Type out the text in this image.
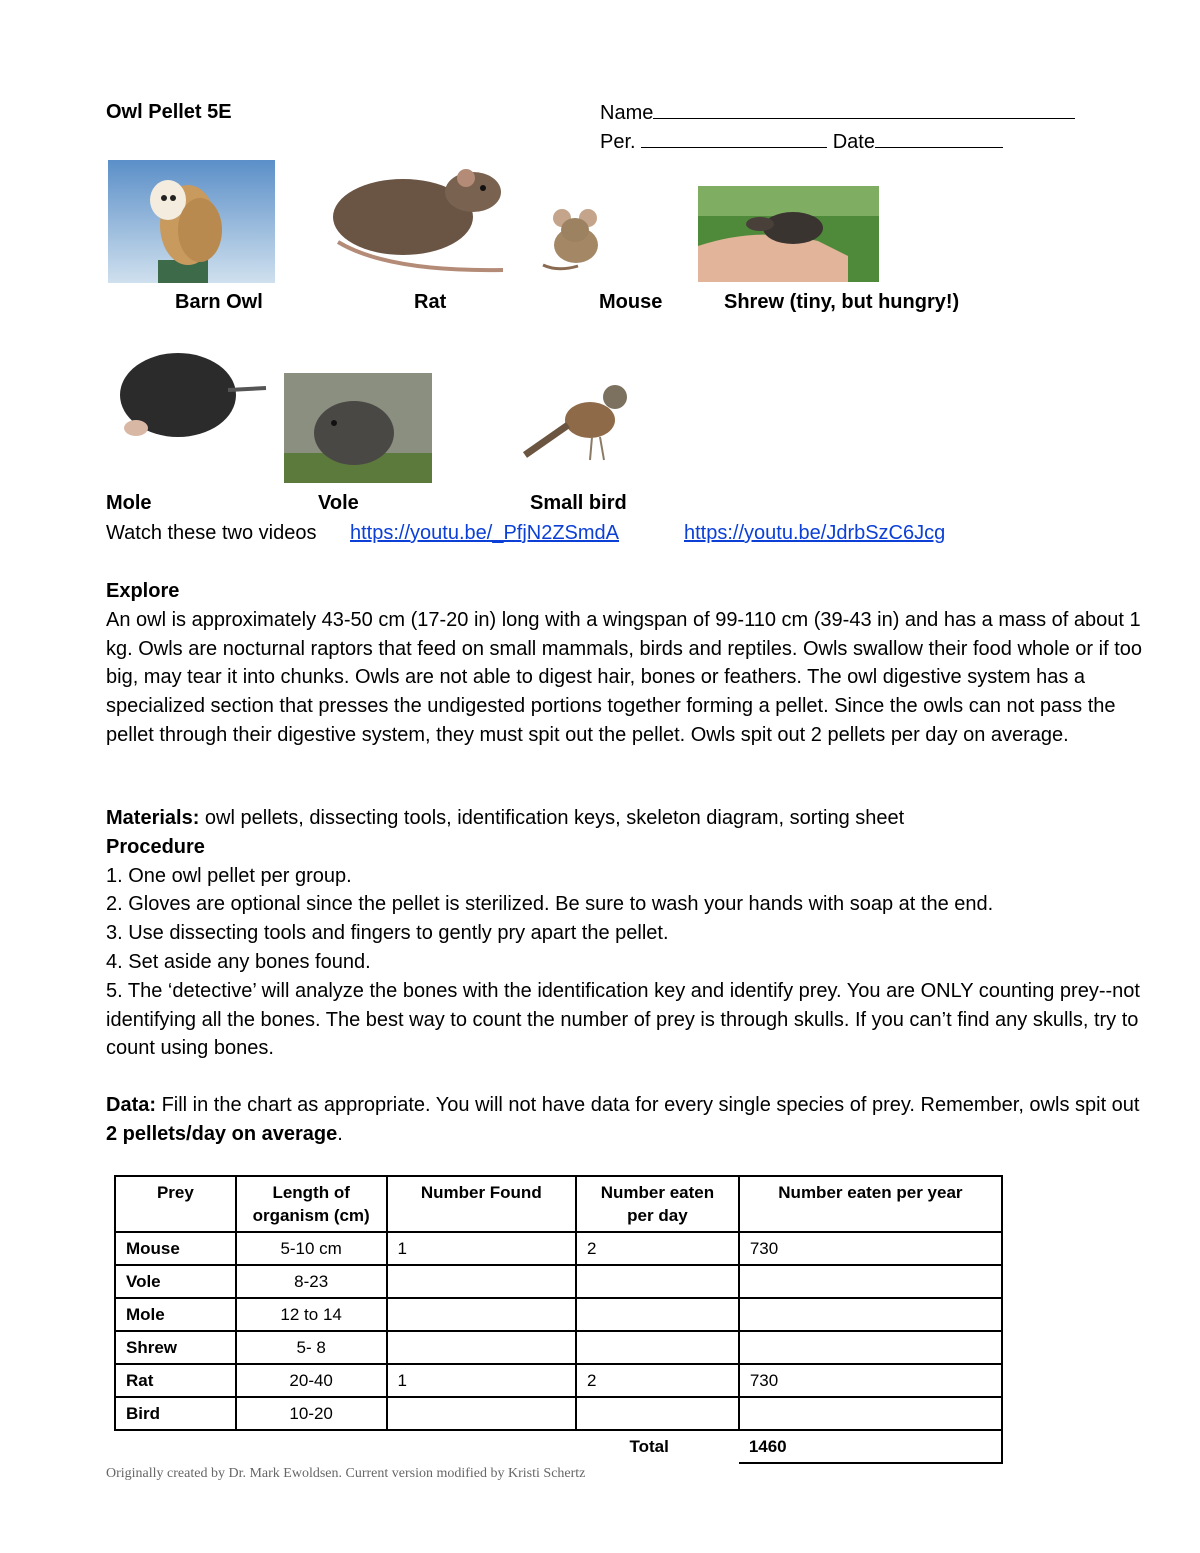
Owl Pellet 5E	Name
Per.	Date
Barn Owl	Rat	Mouse	Shrew (tiny, but hungry!)
Mole	Vole	Small bird
Watch these two videos https://youtu.be/_PfjN2ZSmdA	https://youtu.be/JdrbSzC6Jcg

Explore

An owl is approximately 43-50 cm (17-20 in) long with a wingspan of 99-110 cm (39-43 in) and has a mass of about 1 kg. Owls are nocturnal raptors that feed on small mammals, birds and reptiles. Owls swallow their food whole or if too big, may tear it into chunks. Owls are not able to digest hair, bones or feathers. The owl digestive system has a specialized section that presses the undigested portions together forming a pellet. Since the owls can not pass the pellet through their digestive system, they must spit out the pellet. Owls spit out 2 pellets per day on average.

Materials: owl pellets, dissecting tools, identification keys, skeleton diagram, sorting sheet

Procedure

1. One owl pellet per group.

2. Gloves are optional since the pellet is sterilized. Be sure to wash your hands with soap at the end.

3. Use dissecting tools and fingers to gently pry apart the pellet.

4. Set aside any bones found.

5. The ‘detective’ will analyze the bones with the identification key and identify prey. You are ONLY counting prey--not identifying all the bones. The best way to count the number of prey is through skulls. If you can’t find any skulls, try to count using bones.

Data: Fill in the chart as appropriate. You will not have data for every single species of prey. Remember, owls spit out 2 pellets/day on average.

Prey	Length of organism (cm)	Number Found	Number eaten per day	Number eaten per year
Mouse	5-10 cm	1	2	730
Vole	8-23			
Mole	12 to 14			
Shrew	5- 8			
Rat	20-40	1	2	730
Bird	10-20			
			Total	1460
Originally created by Dr. Mark Ewoldsen. Current version modified by Kristi Schertz
